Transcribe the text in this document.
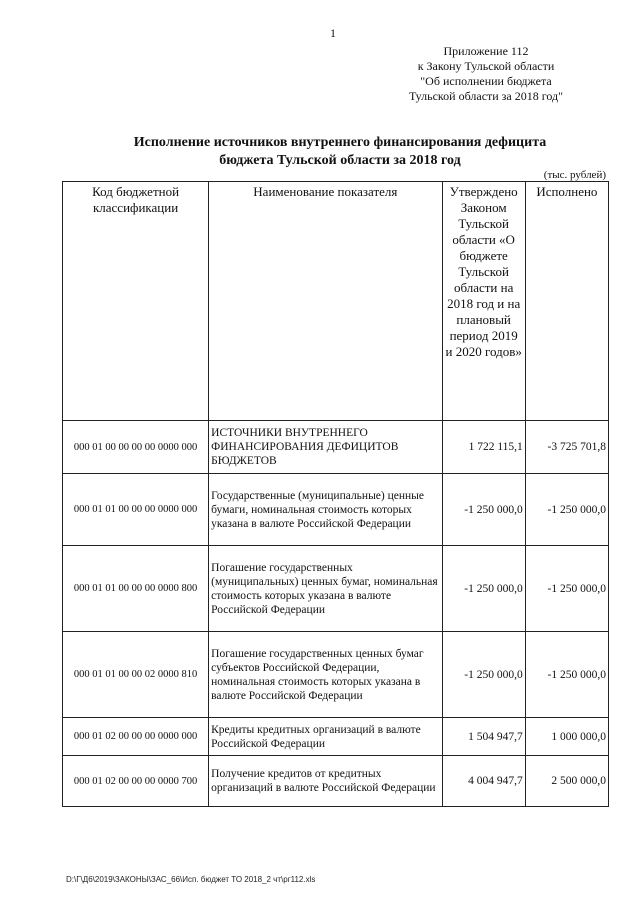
1
Приложение 112
к Закону Тульской области
"Об исполнении бюджета
Тульской области за 2018 год"
Исполнение источников внутреннего финансирования дефицита
бюджета Тульской области за 2018 год
(тыс. рублей)
Код бюджетной классификации	Наименование показателя	Утверждено Законом Тульской области «О бюджете Тульской области на 2018 год и на плановый период 2019 и 2020 годов»	Исполнено
000 01 00 00 00 00 0000 000	ИСТОЧНИКИ ВНУТРЕННЕГО ФИНАНСИРОВАНИЯ ДЕФИЦИТОВ БЮДЖЕТОВ	1 722 115,1	-3 725 701,8
000 01 01 00 00 00 0000 000	Государственные (муниципальные) ценные бумаги, номинальная стоимость которых указана в валюте Российской Федерации	-1 250 000,0	-1 250 000,0
000 01 01 00 00 00 0000 800	Погашение государственных (муниципальных) ценных бумаг, номинальная стоимость которых указана в валюте Российской Федерации	-1 250 000,0	-1 250 000,0
000 01 01 00 00 02 0000 810	Погашение государственных ценных бумаг субъектов Российской Федерации, номинальная стоимость которых указана в валюте Российской Федерации	-1 250 000,0	-1 250 000,0
000 01 02 00 00 00 0000 000	Кредиты кредитных организаций в валюте Российской Федерации	1 504 947,7	1 000 000,0
000 01 02 00 00 00 0000 700	Получение кредитов от кредитных организаций в валюте Российской Федерации	4 004 947,7	2 500 000,0
D:\Г\Д6\2019\ЗАКОНЫ\ЗАС_66\Исп. бюджет ТО 2018_2 чт\рг112.xls
